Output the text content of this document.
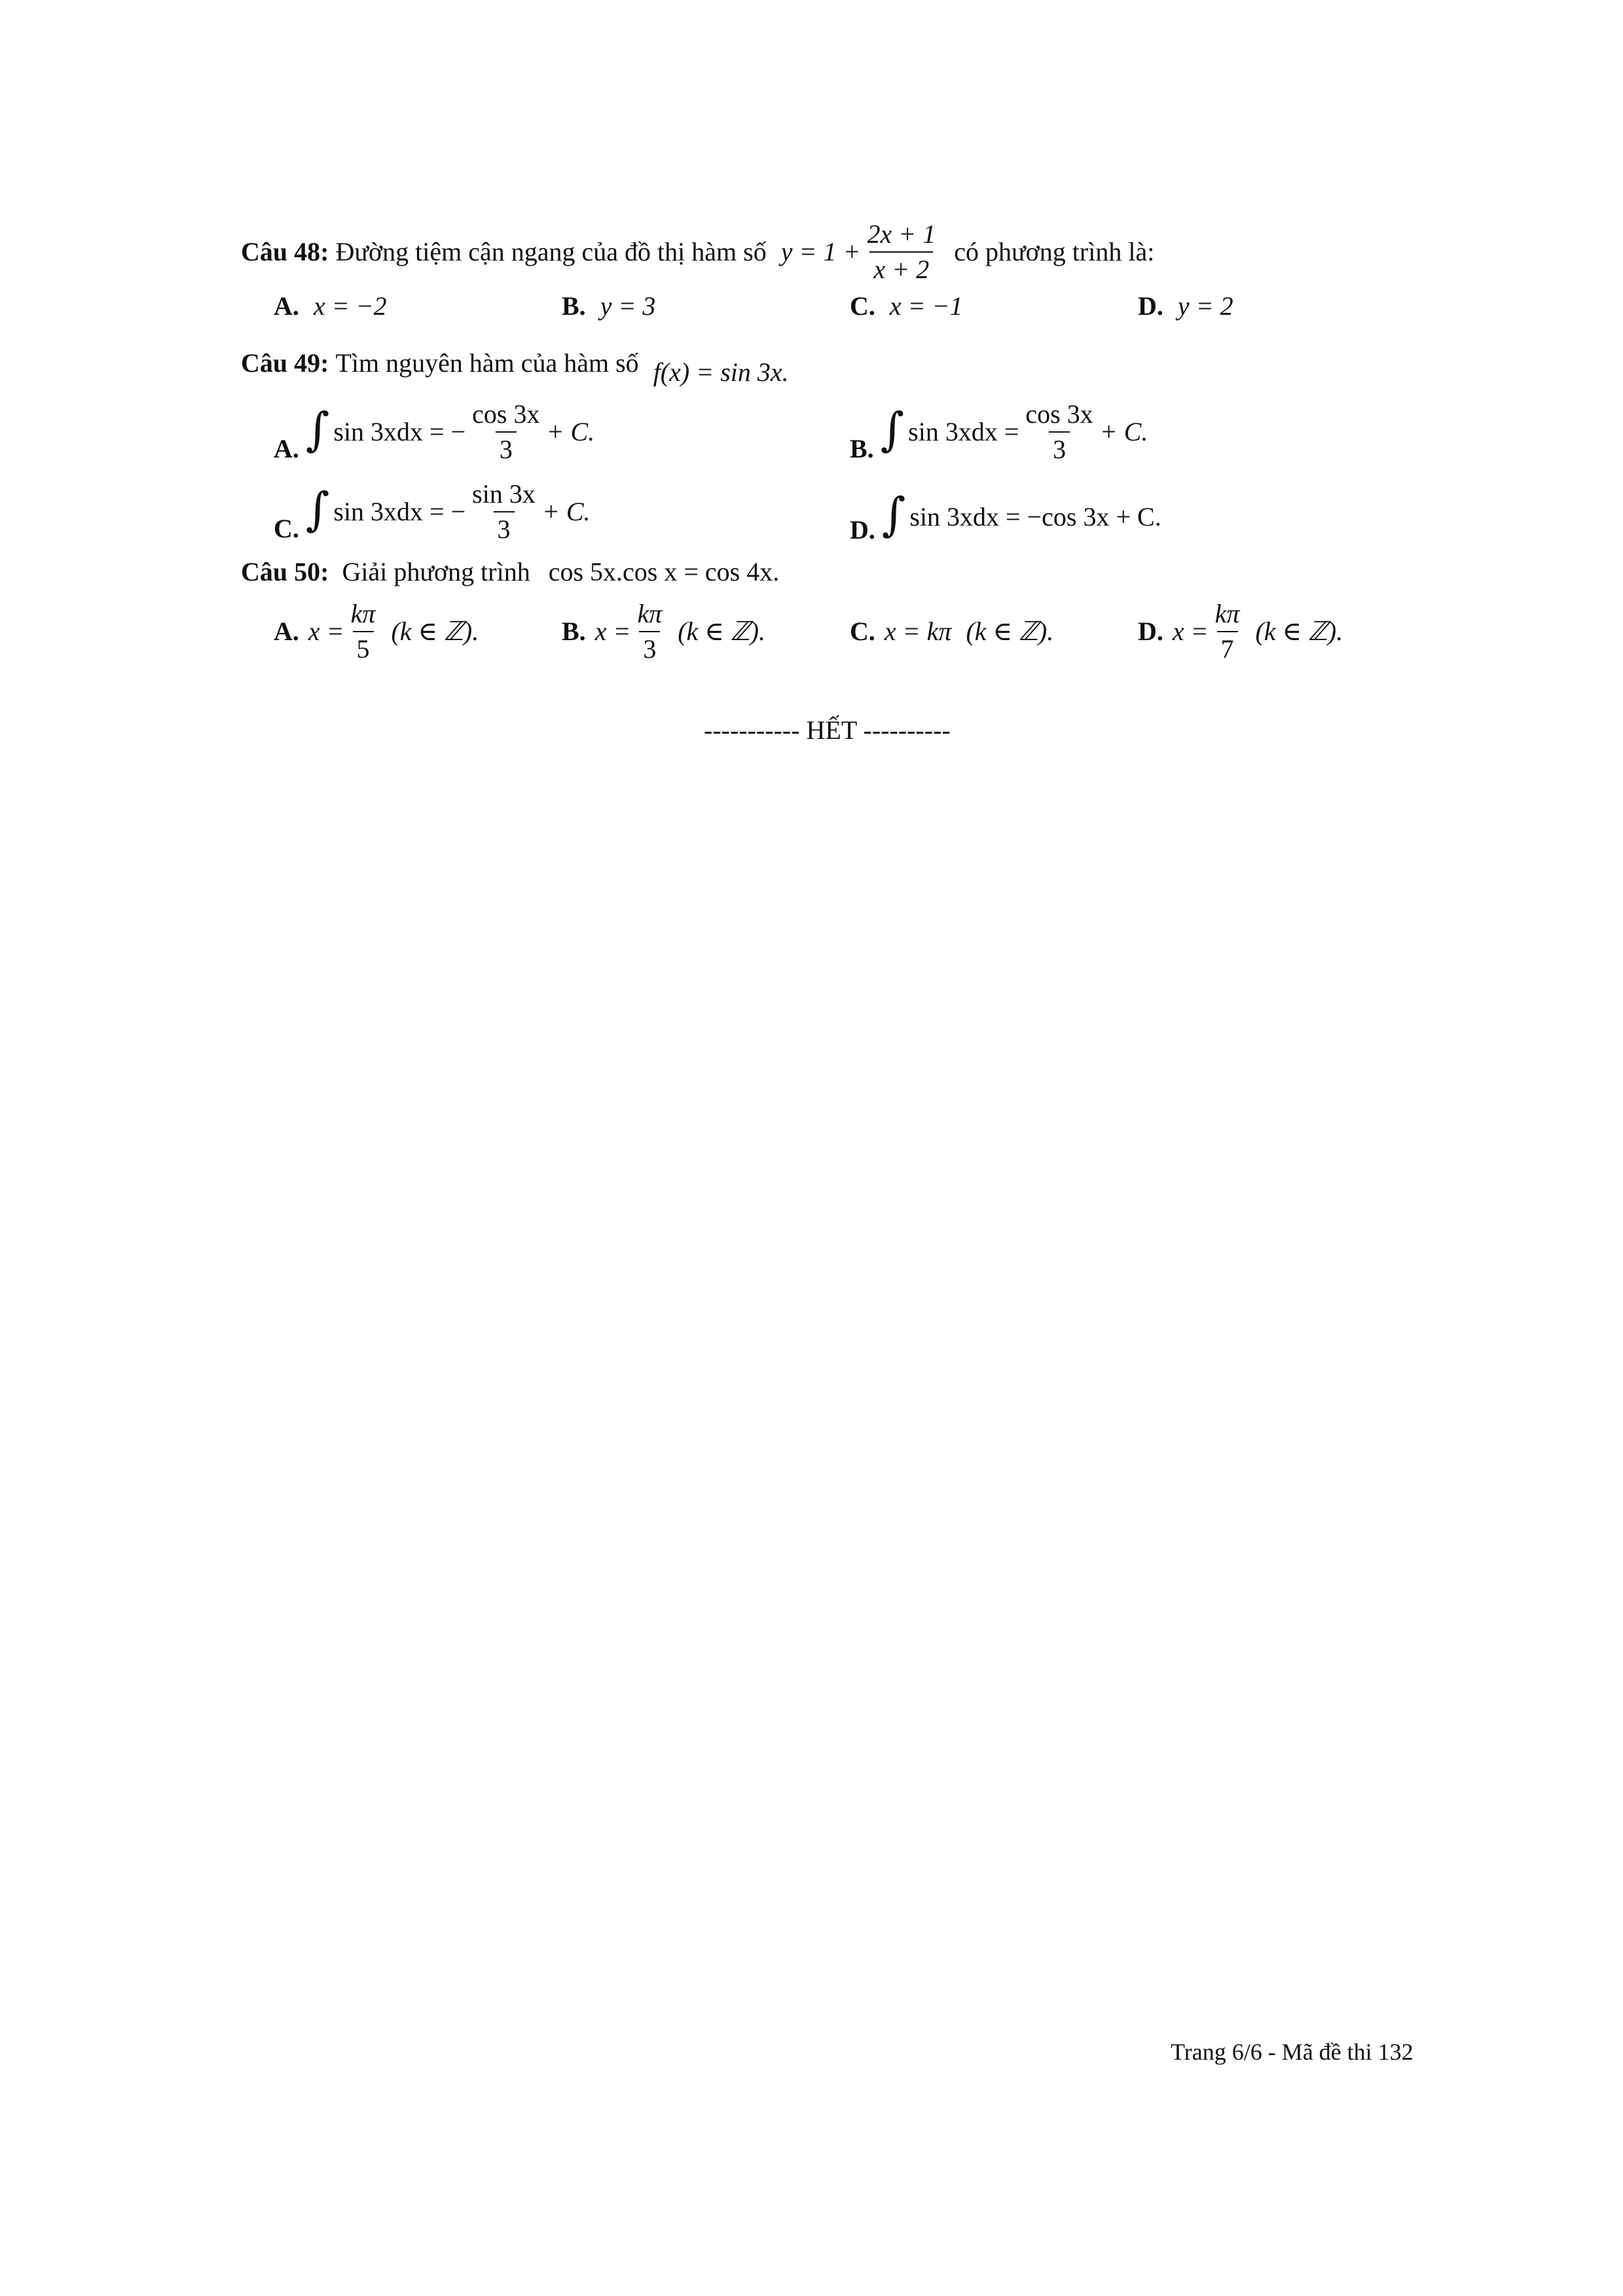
Câu 48: Đường tiệm cận ngang của đồ thị hàm số $y = 1 + \frac{2x + 1}{x + 2}$ có phương trình là:
A. x = −2	B. y = 3	C. x = −1	D. y = 2
Câu 49: Tìm nguyên hàm của hàm số f(x) = sin 3x.
A. ∫ sin 3xdx = − $\frac{\cos 3x}{3} + C$.
B. ∫ $\sin 3xdx = \frac{\cos 3x}{3} + C$.
C. ∫ sin 3xdx = − $\frac{\sin 3x}{3} + C$.
D. ∫ sin 3xdx = −cos 3x + C.
Câu 50: Giải phương trình cos 5x.cos x = cos 4x.
A. $x = \frac{k\pi}{5} (k$ ∈ ℤ).	B. $x = \frac{k\pi}{3} (k$ ∈ ℤ).	C. x = kπ (k ∈ ℤ).	D. $x = \frac{k\pi}{7} (k$ ∈ ℤ).
----------- HẾT ----------
Trang 6/6 - Mã đề thi 132
